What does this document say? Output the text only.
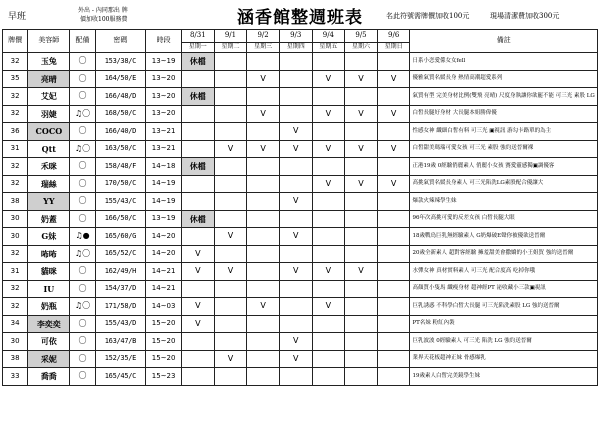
早班
外出 - 內同那出 牌
價加收100服務費	涵香館整週班表	名此符號需牌價加收100元	現場清潔費加收300元
牌價	美容師	配備	密碼	時段	8/31	9/1	9/2	9/3	9/4	9/5	9/6	備註
					星期一	星期二	星期三	星期四	星期五	星期六	星期日	
32	玉兔	〇	153/38/C	13~19	休檔							日系小恋愛係女女fell
35	亮晴	〇	164/50/E	13~20			V		V	V	V	優雅氣質名媛長身 熱情高潮超愛系列
32	艾妃	〇	166/48/D	13~20	休檔							氣質有型 完美身材比例(雙飛 亮晴) 尺度身執讓你欲罷不能 可三光 素股 LG
32	羽婕	♫〇	168/50/C	13~20			V		V	V	V	白皙長腿好身材 大長腿本姐勝偉優
36	COCO	〇	166/40/D	13~21				V				性感女神 纖細白皙有料 可三光 ▣視訊 游勾卡路單的為主
31	Qtt	♫〇	163/50/C	13~21		V	V	V	V	V	V	白皙甜美瑪瑞可愛女孩 可三光 素股 強約送晉爾裸
32	禾咪	〇	158/48/F	14~18	休檔							正港19歲 0經驗俏麗素人 俏麗小女孩 賽愛靈感獨▣調優客
32	瑞絲	〇	170/50/C	14~19					V	V	V	高挑氣質名媛長身素人 可三光陷洗LG素股配合優讓大
38	YY	〇	155/43/C	14~19				V				爆款火辣辣學生妹
30	奶蓋	〇	166/50/C	13~19	休檔							96年次高挑可愛的反差女孩 白皙長腿大眼
30	G妹	♫●	165/60/G	14~20		V		V				18歲戰鳥巨乳無經驗素人 G奶爆破E聲你被優欲送晉爾
32	咘咘	♫〇	165/52/C	14~20	V							20歲全新素人 超對客經驗 擁羞甜美會撒嬌的小王姐賀 強約送晉爾
31	貓咪	〇	162/49/H	14~21	V	V		V	V	V		水彈女神 真材實料素人 可三光 配合度高 吃掉你哦
32	IU	〇	154/37/D	14~21								高顏質小隻馬 纖瘦身材 超神經PT 泌收藏小三款▣視訊
32	奶瓶	♫〇	171/58/D	14~03	V		V		V			巨乳誘惑 不科學白皙大長腿 可三光陷洗素股 LG 強約送晉爾
34	李奕奕	〇	155/43/D	15~20	V							PT名妹 粉紅內裝
30	可依	〇	163/47/B	15~20				V				巨乳波波 0經驗素人 可三光 陷洗 LG 強約送晉爾
38	采妮	〇	152/35/E	15~20		V		V				業界天花板超神正妹 骨感爆乳
33	喬喬	〇	165/45/C	15~23								19歲素人白皙完美鏡學生妹
